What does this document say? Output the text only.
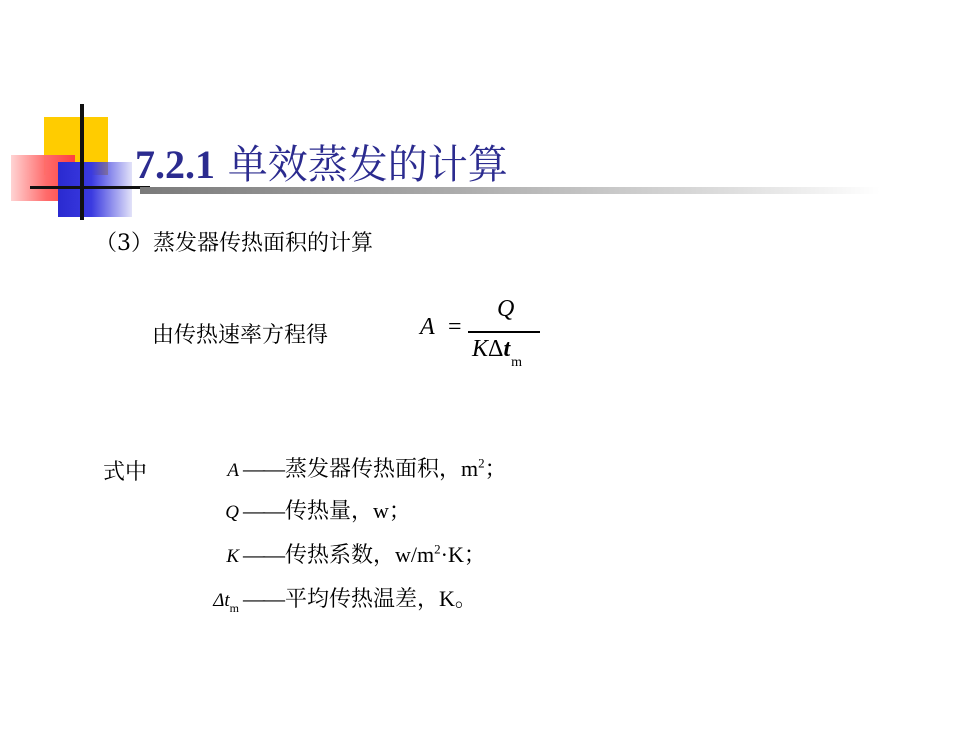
7.2.1 单效蒸发的计算
（3）蒸发器传热面积的计算
由传热速率方程得	A =
Q
KΔt$_m$
式中	A ——蒸发器传热面积，$m^2$；
Q ——传热量，w；
K ——传热系数，$w/m^2\cdot K$；
$\Delta t_m$ ——平均传热温差，K。
